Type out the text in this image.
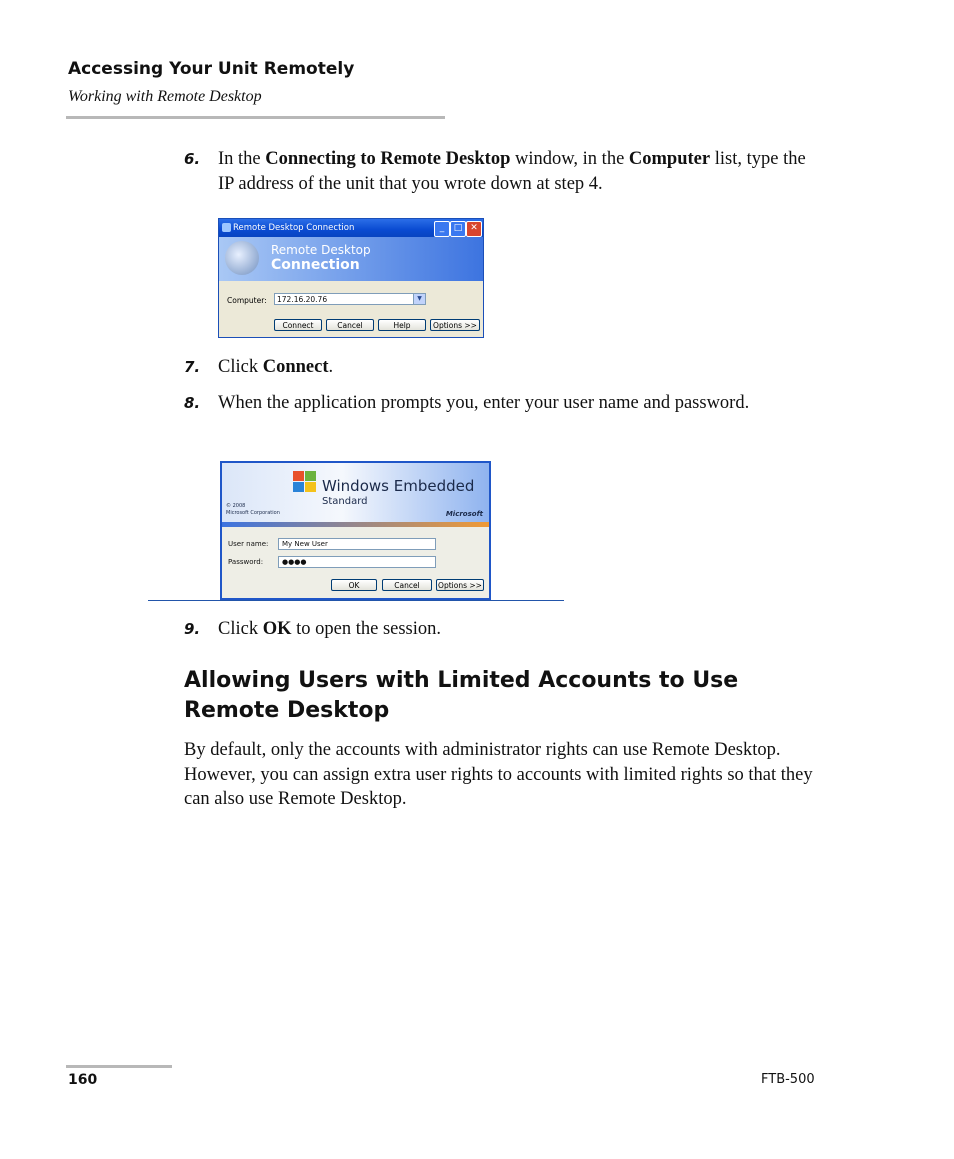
Accessing Your Unit Remotely
Working with Remote Desktop
6. In the Connecting to Remote Desktop window, in the Computer list, type the IP address of the unit that you wrote down at step 4.
Remote Desktop Connection	_	□ ✕
Remote Desktop
Connection
Computer:	172.16.20.76	▼
Connect	Cancel	Help	Options >>
7. Click Connect.
8. When the application prompts you, enter your user name and password.
Windows Embedded
Standard
© 2008
Microsoft Corporation	Microsoft
User name:	My New User
Password:	●●●●
OK	Cancel	Options >>
9. Click OK to open the session.
Allowing Users with Limited Accounts to Use Remote Desktop
By default, only the accounts with administrator rights can use Remote Desktop. However, you can assign extra user rights to accounts with limited rights so that they can also use Remote Desktop.
160	FTB-500
